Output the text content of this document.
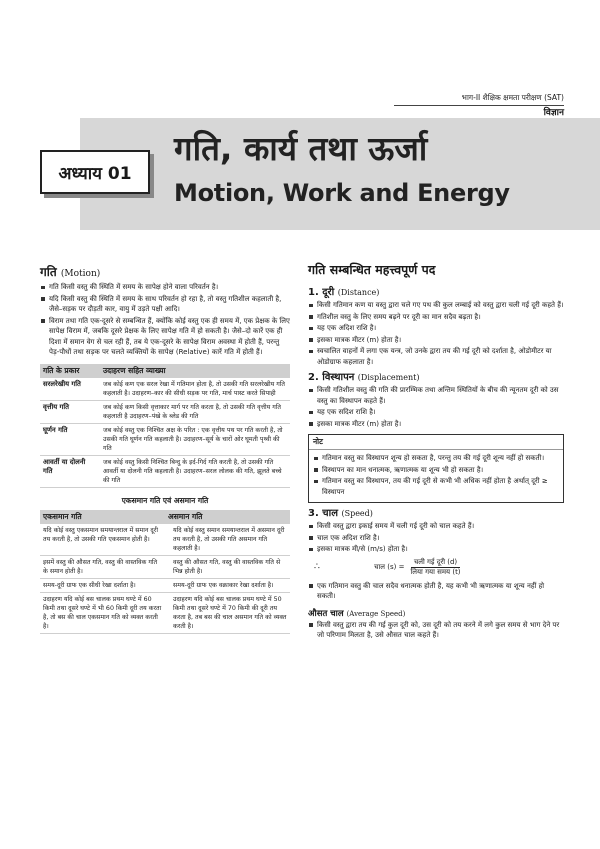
भाग-II शैक्षिक क्षमता परीक्षण (SAT)
विज्ञान
अध्याय 01
गति, कार्य तथा ऊर्जा
Motion, Work and Energy
गति (Motion)
गति किसी वस्तु की स्थिति में समय के सापेक्ष होने वाला परिवर्तन है।
यदि किसी वस्तु की स्थिति में समय के साथ परिवर्तन हो रहा है, तो वस्तु गतिशील कहलाती है, जैसे–सड़क पर दौड़ती कार, वायु में उड़ते पक्षी आदि।
विराम तथा गति एक-दूसरे से सम्बन्धित हैं, क्योंकि कोई वस्तु एक ही समय में, एक प्रेक्षक के लिए सापेक्ष विराम में, जबकि दूसरे प्रेक्षक के लिए सापेक्ष गति में हो सकती है। जैसे–दो कारें एक ही दिशा में समान वेग से चल रही हैं, तब ये एक-दूसरे के सापेक्ष विराम अवस्था में होती हैं, परन्तु पेड़-पौधों तथा सड़क पर चलते व्यक्तियों के सापेक्ष (Relative) कारें गति में होती हैं।
गति के प्रकार	उदाहरण सहित व्याख्या
सरलरेखीय गति	जब कोई कण एक सरल रेखा में गतिमान होता है, तो उसकी गति सरलरेखीय गति कहलाती है। उदाहरण–कार की सीधी सड़क पर गति, मार्च पास्ट करते सिपाही
वृत्तीय गति	जब कोई कण किसी वृत्ताकार मार्ग पर गति करता है, तो उसकी गति वृत्तीय गति कहलाती है उदाहरण–पंखे के ब्लेड की गति
घूर्णन गति	जब कोई वस्तु एक निश्चित अक्ष के परित : एक वृत्तीय पथ पर गति करती है, तो उसकी गति घूर्णन गति कहलाती है। उदाहरण–सूर्य के चारों ओर घूमती पृथ्वी की गति
आवर्ती या दोलनी गति	जब कोई वस्तु किसी निश्चित बिन्दु के इर्द-गिर्द गति करती है, तो उसकी गति आवर्ती या दोलनी गति कहलाती है। उदाहरण–सरल लोलक की गति, झूलते बच्चे की गति
एकसमान गति एवं असमान गति
एकसमान गति	असमान गति
यदि कोई वस्तु एकसमान समयान्तराल में समान दूरी तय करती है, तो उसकी गति एकसमान होती है।	यदि कोई वस्तु समान समयान्तराल में असमान दूरी तय करती है, तो उसकी गति असमान गति कहलाती है।
इसमें वस्तु की औसत गति, वस्तु की वास्तविक गति के समान होती है।	वस्तु की औसत गति, वस्तु की वास्तविक गति से भिन्न होती है।
समय-दूरी ग्राफ एक सीधी रेखा दर्शाता है।	समय-दूरी ग्राफ एक वक्राकार रेखा दर्शाता है।
उदाहरण यदि कोई बस चालक प्रथम घण्टे में 60 किमी तथा दूसरे घण्टे में भी 60 किमी दूरी तय करता है, तो बस की चाल एकसमान गति को व्यक्त करती है।	उदाहरण यदि कोई बस चालक प्रथम घण्टे में 50 किमी तथा दूसरे घण्टे में 70 किमी की दूरी तय करता है, तब बस की चाल असमान गति को व्यक्त करती है।
गति सम्बन्धित महत्त्वपूर्ण पद
1. दूरी (Distance)
किसी गतिमान कण या वस्तु द्वारा चले गए पथ की कुल लम्बाई को वस्तु द्वारा चली गई दूरी कहते हैं।
गतिशील वस्तु के लिए समय बढ़ने पर दूरी का मान सदैव बढ़ता है।
यह एक अदिश राशि है।
इसका मात्रक मीटर (m) होता है।
स्वचालित वाहनों में लगा एक यन्त्र, जो उनके द्वारा तय की गई दूरी को दर्शाता है, ओडोमीटर या ओडोग्राफ कहलाता है।
2. विस्थापन (Displacement)
किसी गतिशील वस्तु की गति की प्रारम्भिक तथा अन्तिम स्थितियों के बीच की न्यूनतम दूरी को उस वस्तु का विस्थापन कहते हैं।
यह एक सदिश राशि है।
इसका मात्रक मीटर (m) होता है।
नोट
गतिमान वस्तु का विस्थापन शून्य हो सकता है, परन्तु तय की गई दूरी शून्य नहीं हो सकती।
विस्थापन का मान धनात्मक, ऋणात्मक या शून्य भी हो सकता है।
गतिमान वस्तु का विस्थापन, तय की गई दूरी से कभी भी अधिक नहीं होता है अर्थात् दूरी ≥ विस्थापन
3. चाल (Speed)
किसी वस्तु द्वारा इकाई समय में चली गई दूरी को चाल कहते हैं।
चाल एक अदिश राशि है।
इसका मात्रक मी/से (m/s) होता है।
∴	चाल $(s) = \frac{\text{चली गई दूरी (d)}}{\text{लिया गया समय (t)}}$
एक गतिमान वस्तु की चाल सदैव धनात्मक होती है, यह कभी भी ऋणात्मक या शून्य नहीं हो सकती।
औसत चाल (Average Speed)
किसी वस्तु द्वारा तय की गई कुल दूरी को, उस दूरी को तय करने में लगे कुल समय से भाग देने पर जो परिणाम मिलता है, उसे औसत चाल कहते हैं।
